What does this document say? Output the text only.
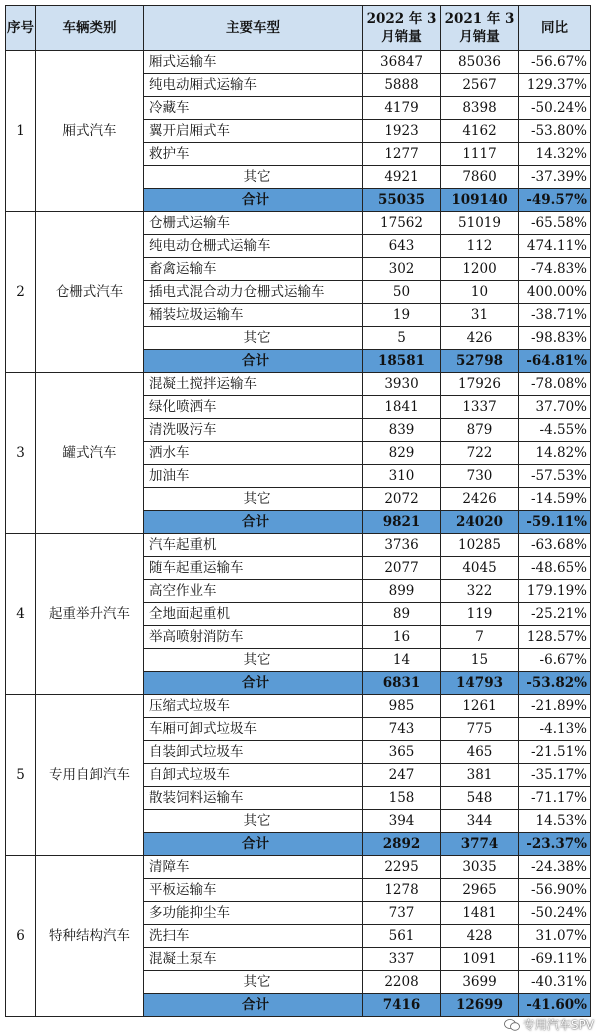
序号	车辆类别	主要车型	2022 年 3 月销量	2021 年 3 月销量	同比
1	厢式汽车	厢式运输车	36847	85036	-56.67%
		纯电动厢式运输车	5888	2567	129.37%
		冷藏车	4179	8398	-50.24%
		翼开启厢式车	1923	4162	-53.80%
		救护车	1277	1117	14.32%
		其它	4921	7860	-37.39%
		合计	55035	109140	-49.57%
2	仓栅式汽车	仓栅式运输车	17562	51019	-65.58%
		纯电动仓栅式运输车	643	112	474.11%
		畜禽运输车	302	1200	-74.83%
		插电式混合动力仓栅式运输车	50	10	400.00%
		桶装垃圾运输车	19	31	-38.71%
		其它	5	426	-98.83%
		合计	18581	52798	-64.81%
3	罐式汽车	混凝土搅拌运输车	3930	17926	-78.08%
		绿化喷洒车	1841	1337	37.70%
		清洗吸污车	839	879	-4.55%
		洒水车	829	722	14.82%
		加油车	310	730	-57.53%
		其它	2072	2426	-14.59%
		合计	9821	24020	-59.11%
4	起重举升汽车	汽车起重机	3736	10285	-63.68%
		随车起重运输车	2077	4045	-48.65%
		高空作业车	899	322	179.19%
		全地面起重机	89	119	-25.21%
		举高喷射消防车	16	7	128.57%
		其它	14	15	-6.67%
		合计	6831	14793	-53.82%
5	专用自卸汽车	压缩式垃圾车	985	1261	-21.89%
		车厢可卸式垃圾车	743	775	-4.13%
		自装卸式垃圾车	365	465	-21.51%
		自卸式垃圾车	247	381	-35.17%
		散装饲料运输车	158	548	-71.17%
		其它	394	344	14.53%
		合计	2892	3774	-23.37%
6	特种结构汽车	清障车	2295	3035	-24.38%
		平板运输车	1278	2965	-56.90%
		多功能抑尘车	737	1481	-50.24%
		洗扫车	561	428	31.07%
		混凝土泵车	337	1091	-69.11%
		其它	2208	3699	-40.31%
		合计	7416	12699	-41.60%
专用汽车SPV
